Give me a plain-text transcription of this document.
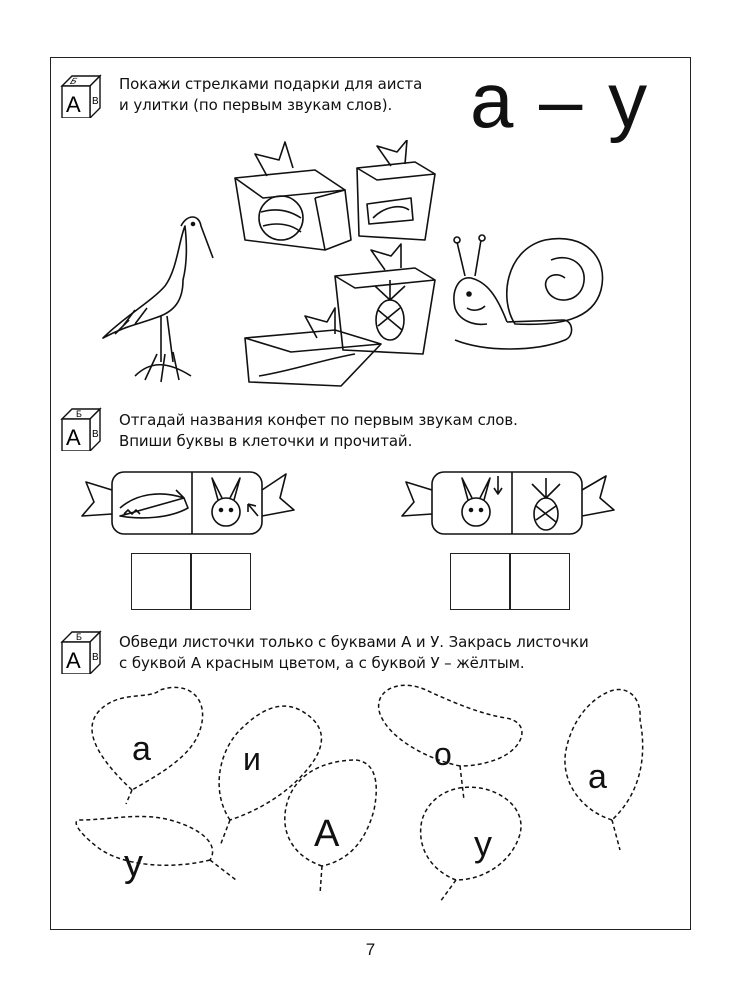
а – у
Б
А В
Б
А В
Б
А В
Покажи стрелками подарки для аиста
и улитки (по первым звукам слов).
Отгадай названия конфет по первым звукам слов.
Впиши буквы в клеточки и прочитай.
Обведи листочки только с буквами А и У. Закрась листочки
с буквой А красным цветом, а с буквой У – жёлтым.
а	и	о
а
у
А	у
7
